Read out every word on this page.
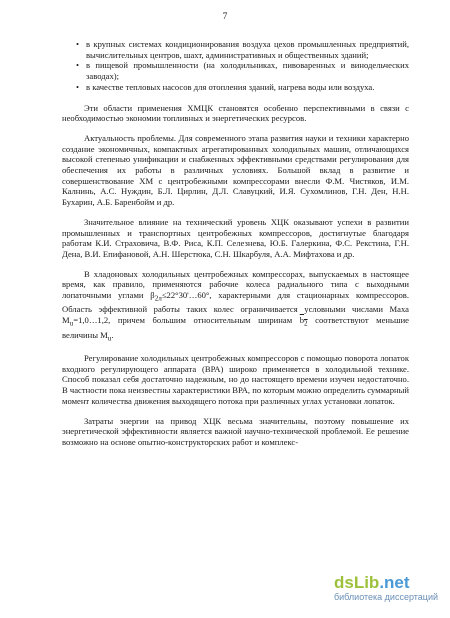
7
• в крупных системах кондиционирования воздуха цехов промышленных предприятий, вычислительных центров, шахт, административных и общественных зданий;
• в пищевой промышленности (на холодильниках, пивоваренных и винодельческих заводах);
• в качестве тепловых насосов для отопления зданий, нагрева воды или воздуха.

Эти области применения ХМЦК становятся особенно перспективными в связи с необходимостью экономии топливных и энергетических ресурсов.

Актуальность проблемы. Для современного этапа развития науки и техники характерно создание экономичных, компактных агрегатированных холодильных машин, отличающихся высокой степенью унификации и снабженных эффективными средствами регулирования для обеспечения их работы в различных условиях. Большой вклад в развитие и совершенствование ХМ с центробежными компрессорами внесли Ф.М. Чистяков, И.М. Калнинь, А.С. Нуждин, Б.Л. Цирлин, Д.Л. Славуцкий, И.Я. Сухомлинов, Г.Н. Ден, Н.Н. Бухарин, А.Б. Баренбойм и др.

Значительное влияние на технический уровень ХЦК оказывают успехи в развитии промышленных и транспортных центробежных компрессоров, достигнутые благодаря работам К.И. Страховича, В.Ф. Риса, К.П. Селезнева, Ю.Б. Галеркина, Ф.С. Рекстина, Г.Н. Дена, В.И. Епифановой, А.Н. Шерстюка, С.Н. Шкарбуля, А.А. Мифтахова и др.

В хладоновых холодильных центробежных компрессорах, выпускаемых в настоящее время, как правило, применяются рабочие колеса радиального типа с выходными лопаточными углами $\beta_{2л}\le 22^\circ 30'\dots 60^\circ$, характерными для стационарных компрессоров. Область эффективной работы таких колес ограничивается условными числами Маха $M_u=1,0\dots 1,2$, причем большим относительным ширинам $b_2$ соответствуют меньшие величины $M_u$.

Регулирование холодильных центробежных компрессоров с помощью поворота лопаток входного регулирующего аппарата (ВРА) широко применяется в холодильной технике. Способ показал себя достаточно надежным, но до настоящего времени изучен недостаточно. В частности пока неизвестны характеристики ВРА, по которым можно определить суммарный момент количества движения выходящего потока при различных углах установки лопаток.

Затраты энергии на привод ХЦК весьма значительны, поэтому повышение их энергетической эффективности является важной научно-технической проблемой. Ее решение возможно на основе опытно-конструкторских работ и комплекс-

dsLib.net
библиотека диссертаций
